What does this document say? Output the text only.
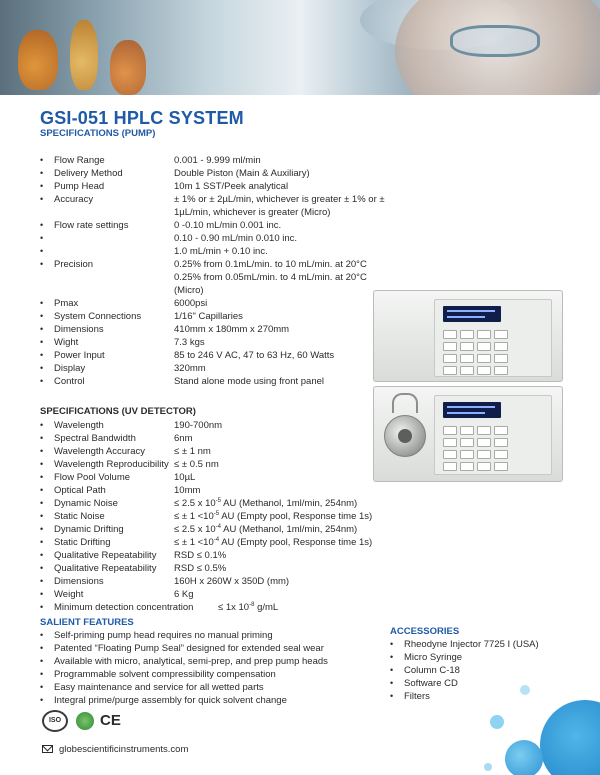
GSI-051 HPLC SYSTEM
SPECIFICATIONS (PUMP)
Flow Range	0.001 - 9.999 ml/min
Delivery Method	Double Piston (Main & Auxiliary)
Pump Head	10m 1 SST/Peek analytical
Accuracy	± 1% or ± 2µL/min, whichever is greater ± 1% or ±
1µL/min, whichever is greater (Micro)
Flow rate settings	0 -0.10 mL/min 0.001 inc.
0.10 - 0.90 mL/min 0.010 inc.
1.0 mL/min + 0.10 inc.
Precision	0.25% from 0.1mL/min. to 10 mL/min. at 20°C
0.25% from 0.05mL/min. to 4 mL/min. at 20°C
(Micro)
Pmax	6000psi
System Connections	1/16" Capillaries
Dimensions	410mm x 180mm x 270mm
Wight	7.3 kgs
Power Input	85 to 246 V AC, 47 to 63 Hz, 60 Watts
Display	320mm
Control	Stand alone mode using front panel
SPECIFICATIONS (UV DETECTOR)
Wavelength	190-700nm
Spectral Bandwidth	6nm
Wavelength Accuracy	≤ ± 1 nm
Wavelength Reproducibility ≤ ± 0.5 nm
Flow Pool Volume	10µL
Optical Path	10mm
Dynamic Noise	≤ 2.5 x $10^{-5}$ AU (Methanol, 1ml/min, 254nm)
Static Noise	≤ ± $1 <10^{-5}$ AU (Empty pool, Response time 1s)
Dynamic Drifting	≤ 2.5 x $10^{-4}$ AU (Methanol, 1ml/min, 254nm)
Static Drifting	≤ ± $1 <10^{-4}$ AU (Empty pool, Response time 1s)
Qualitative Repeatability RSD ≤ 0.1%
Qualitative Repeatability RSD ≤ 0.5%
Dimensions	160H x 260W x 350D (mm)
Weight	6 Kg
Minimum detection concentration	≤ 1x $10^{-8}$ g/mL
SALIENT FEATURES
• Self-priming pump head requires no manual priming
• Patented “Floating Pump Seal” designed for extended seal wear
• Available with micro, analytical, semi-prep, and prep pump heads
• Programmable solvent compressibility compensation
• Easy maintenance and service for all wetted parts
• Integral prime/purge assembly for quick solvent change
ACCESSORIES
• Rheodyne Injector 7725 I (USA)
• Micro Syringe
• Column C-18
• Software CD
• Filters
ISO	CE
globescientificinstruments.com
